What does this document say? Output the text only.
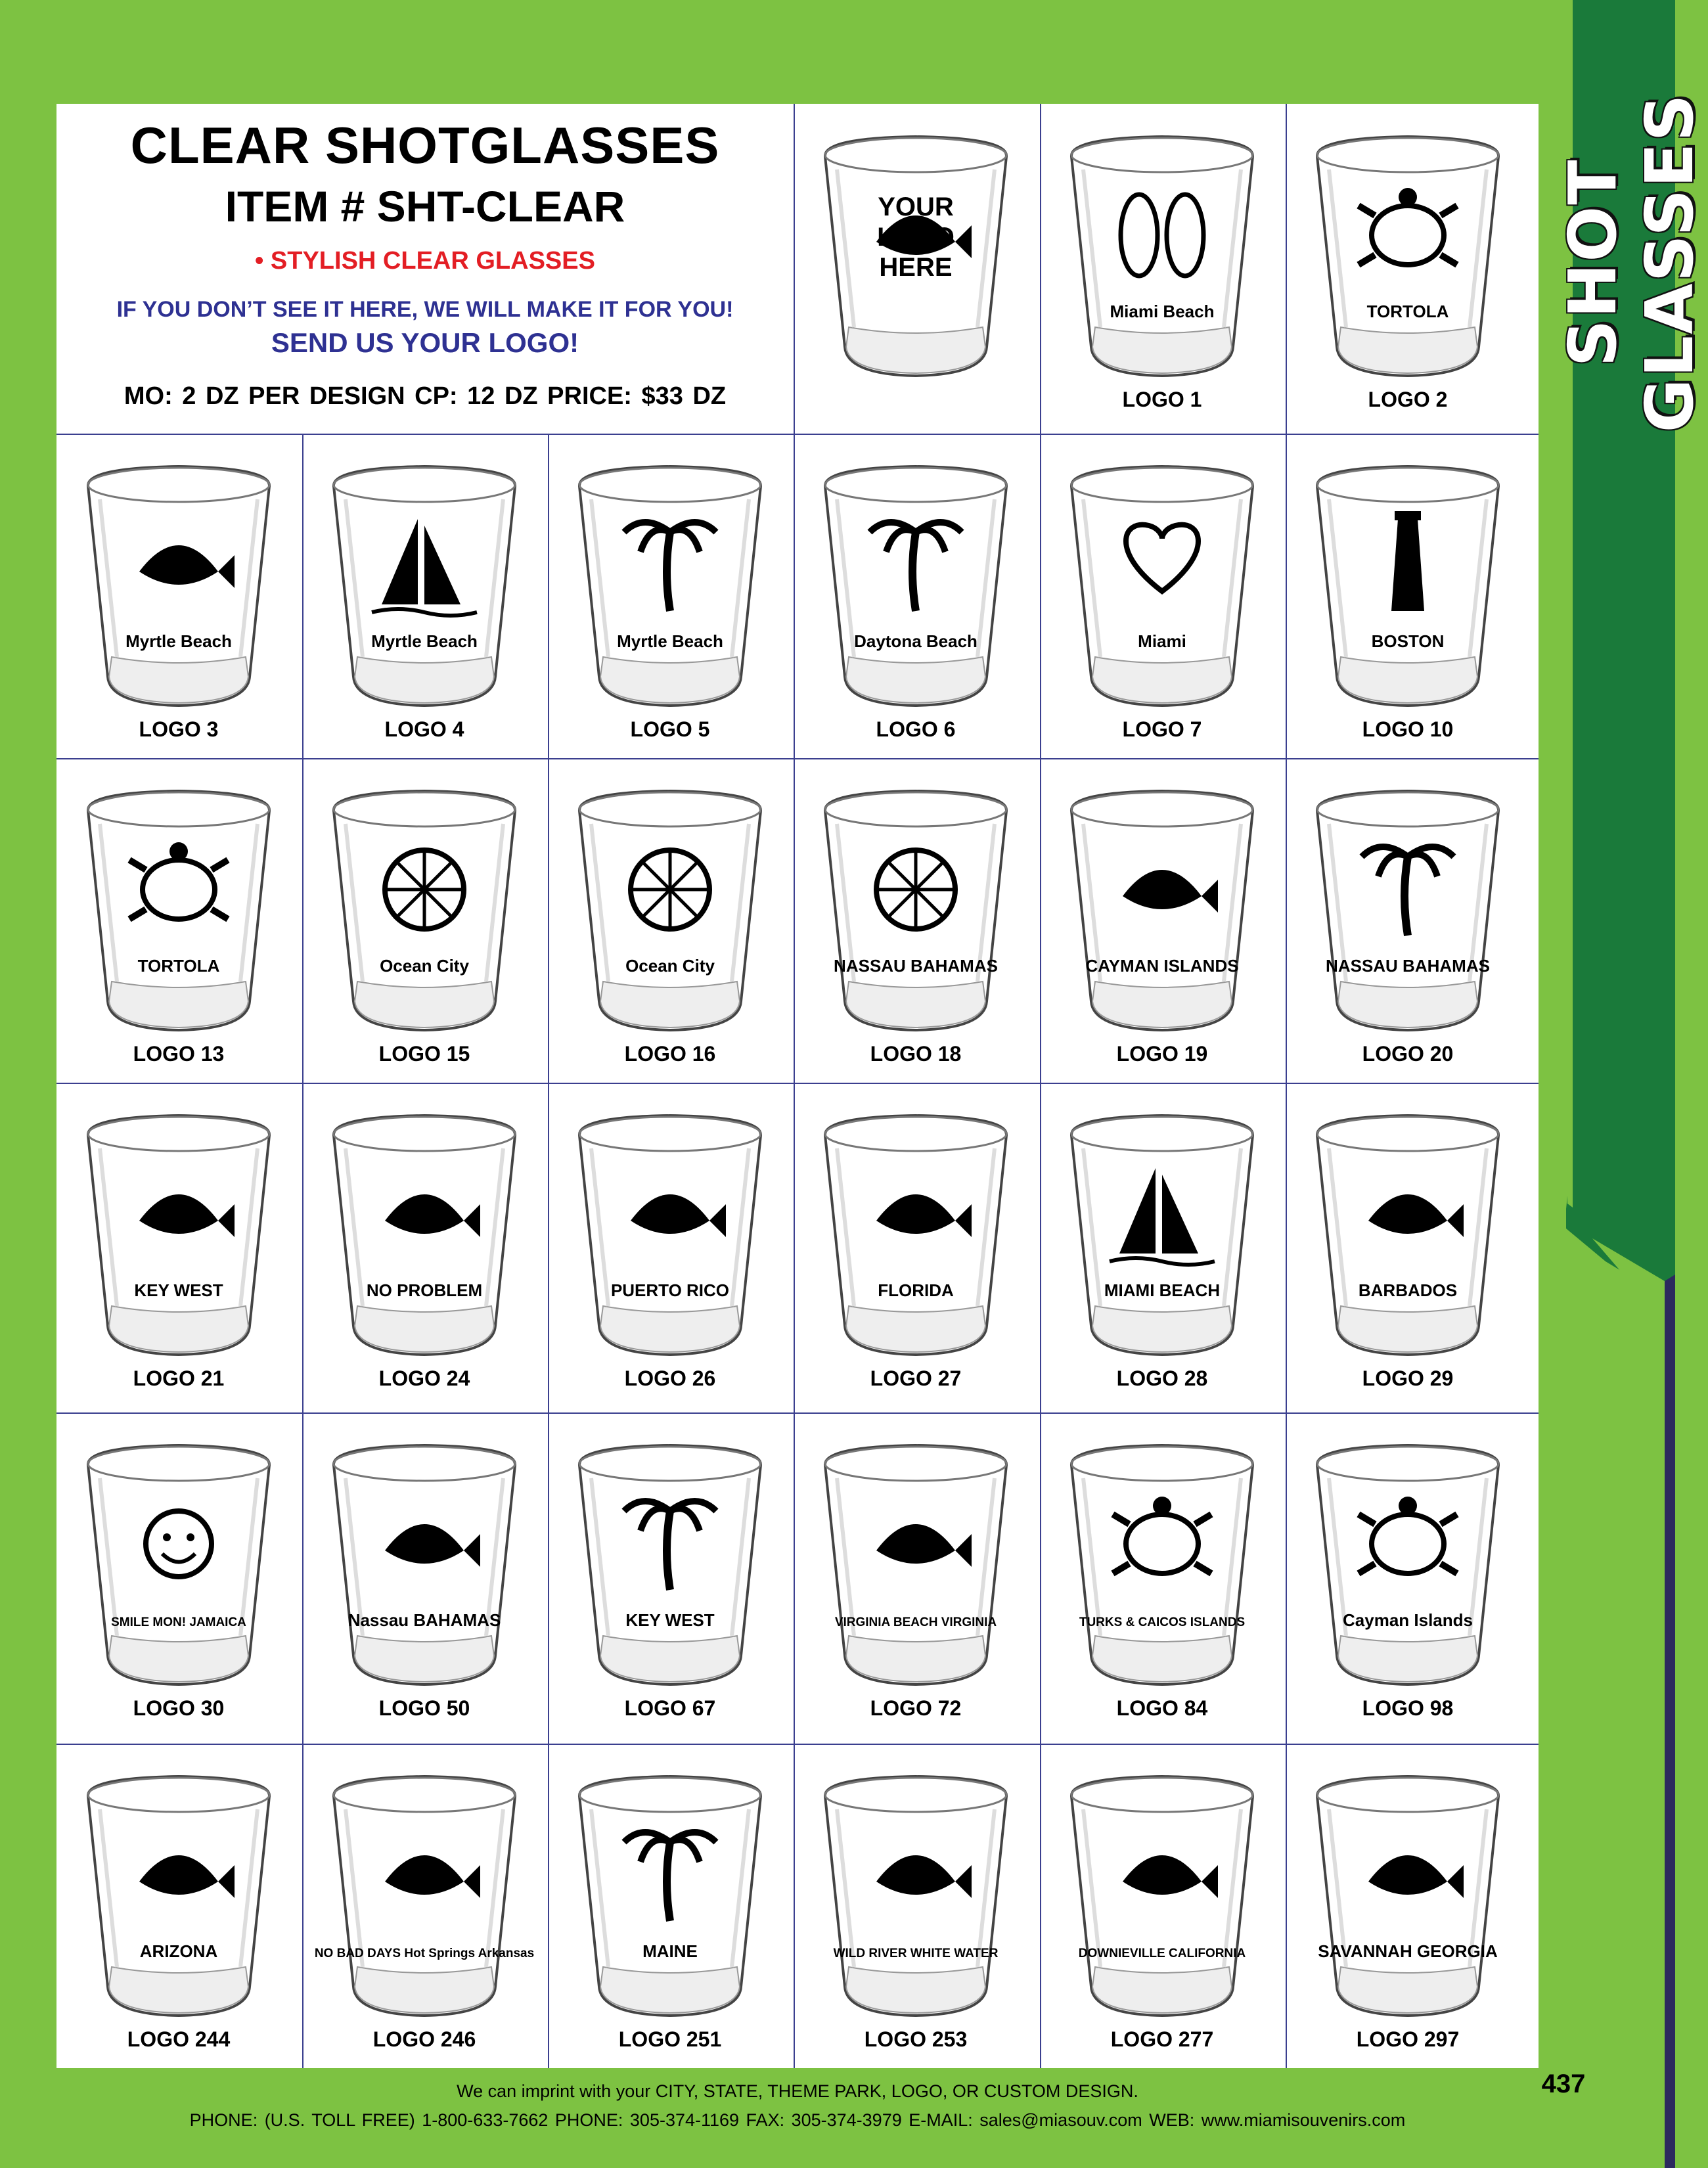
SHOT GLASSES
CLEAR SHOTGLASSES
ITEM # SHT-CLEAR
• STYLISH CLEAR GLASSES
IF YOU DON’T SEE IT HERE, WE WILL MAKE IT FOR YOU!
SEND US YOUR LOGO!
MO: 2 DZ PER DESIGN CP: 12 DZ PRICE: $33 DZ
YOUR LOGO HERE
Miami Beach
LOGO 1
TORTOLA
LOGO 2
Myrtle Beach
LOGO 3
Myrtle Beach
LOGO 4
Myrtle Beach
LOGO 5
Daytona Beach
LOGO 6
Miami
LOGO 7
BOSTON
LOGO 10
TORTOLA
LOGO 13
Ocean City
LOGO 15
Ocean City
LOGO 16
NASSAU BAHAMAS
LOGO 18
CAYMAN ISLANDS
LOGO 19
NASSAU BAHAMAS
LOGO 20
KEY WEST
LOGO 21
NO PROBLEM
LOGO 24
PUERTO RICO
LOGO 26
FLORIDA
LOGO 27
MIAMI BEACH
LOGO 28
BARBADOS
LOGO 29
SMILE MON! JAMAICA
LOGO 30
Nassau BAHAMAS
LOGO 50
KEY WEST
LOGO 67
VIRGINIA BEACH VIRGINIA
LOGO 72
TURKS & CAICOS ISLANDS
LOGO 84
Cayman Islands
LOGO 98
ARIZONA
LOGO 244
NO BAD DAYS Hot Springs Arkansas
LOGO 246
MAINE
LOGO 251
WILD RIVER WHITE WATER
LOGO 253
DOWNIEVILLE CALIFORNIA
LOGO 277
SAVANNAH GEORGIA
LOGO 297
437
We can imprint with your CITY, STATE, THEME PARK, LOGO, OR CUSTOM DESIGN.
PHONE: (U.S. TOLL FREE) 1-800-633-7662 PHONE: 305-374-1169 FAX: 305-374-3979 E-MAIL: sales@miasouv.com WEB: www.miamisouvenirs.com
